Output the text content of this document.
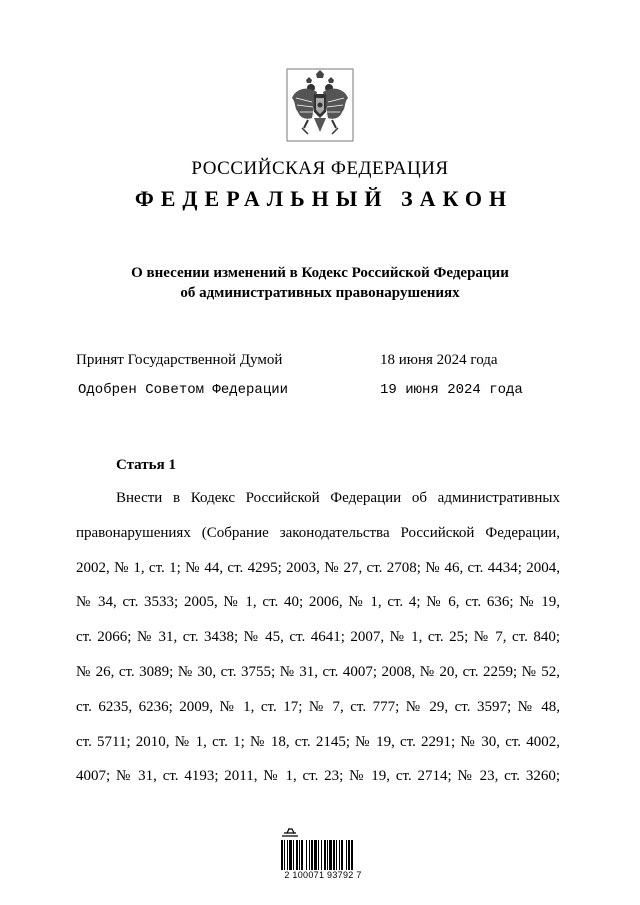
РОССИЙСКАЯ ФЕДЕРАЦИЯ
ФЕДЕРАЛЬНЫЙ ЗАКОН
О внесении изменений в Кодекс Российской Федерации
об административных правонарушениях
Принят Государственной Думой	18 июня 2024 года
Одобрен Советом Федерации	19 июня 2024 года
Статья 1
Внести в Кодекс Российской Федерации об административных
правонарушениях (Собрание законодательства Российской Федерации,
2002, № 1, ст. 1; № 44, ст. 4295; 2003, № 27, ст. 2708; № 46, ст. 4434; 2004,
№ 34, ст. 3533; 2005, № 1, ст. 40; 2006, № 1, ст. 4; № 6, ст. 636; № 19,
ст. 2066; № 31, ст. 3438; № 45, ст. 4641; 2007, № 1, ст. 25; № 7, ст. 840;
№ 26, ст. 3089; № 30, ст. 3755; № 31, ст. 4007; 2008, № 20, ст. 2259; № 52,
ст. 6235, 6236; 2009, № 1, ст. 17; № 7, ст. 777; № 29, ст. 3597; № 48,
ст. 5711; 2010, № 1, ст. 1; № 18, ст. 2145; № 19, ст. 2291; № 30, ст. 4002,
4007; № 31, ст. 4193; 2011, № 1, ст. 23; № 19, ст. 2714; № 23, ст. 3260;
2 100071 93792 7
